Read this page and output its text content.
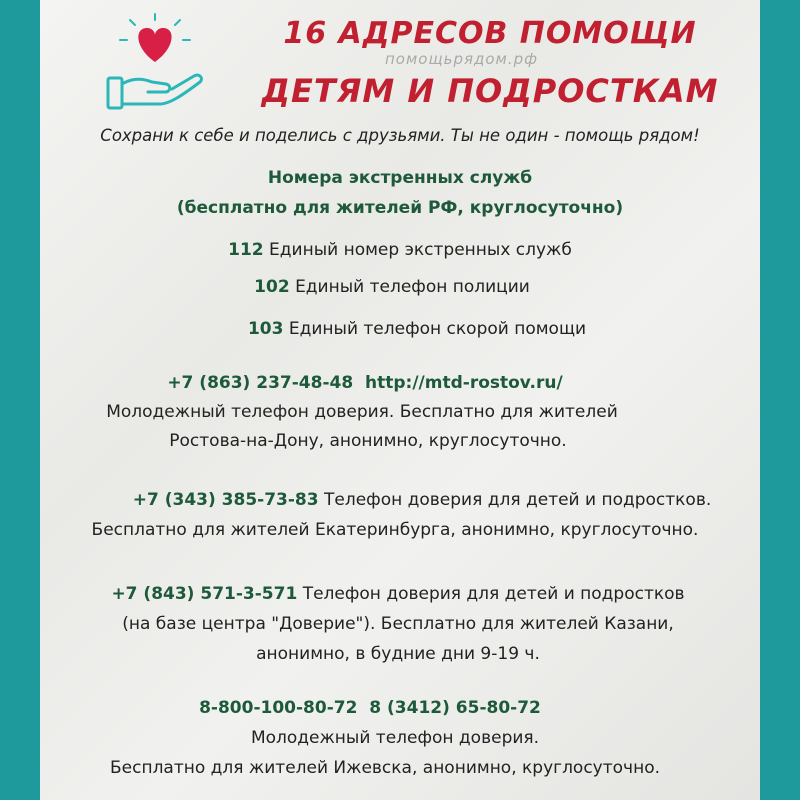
16 АДРЕСОВ ПОМОЩИ
помощьрядом.рф
ДЕТЯМ И ПОДРОСТКАМ

Сохрани к себе и поделись с друзьями. Ты не один - помощь рядом!

Номера экстренных служб

(бесплатно для жителей РФ, круглосуточно)

112 Единый номер экстренных служб

102 Единый телефон полиции

103 Единый телефон скорой помощи

+7 (863) 237-48-48 http://mtd-rostov.ru/

Молодежный телефон доверия. Бесплатно для жителей

Ростова-на-Дону, анонимно, круглосуточно.

+7 (343) 385-73-83 Телефон доверия для детей и подростков.

Бесплатно для жителей Екатеринбурга, анонимно, круглосуточно.

+7 (843) 571-3-571 Телефон доверия для детей и подростков

(на базе центра "Доверие"). Бесплатно для жителей Казани,

анонимно, в будние дни 9-19 ч.

8-800-100-80-72 8 (3412) 65-80-72

Молодежный телефон доверия.

Бесплатно для жителей Ижевска, анонимно, круглосуточно.
